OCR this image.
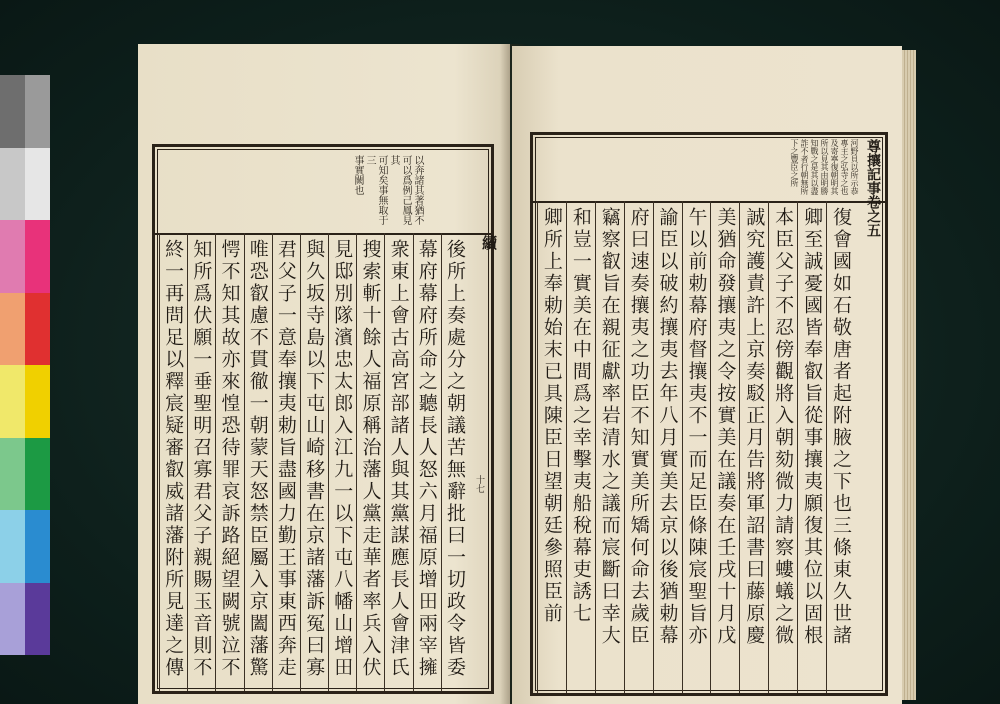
以奔諸其著猶不
可以爲例己鳳見其
可知矣事無取于三
事實闕也
續
十七
後所上奏處分之朝議苦無辭批曰一切政令皆委
幕府幕府所命之聽長人怒六月福原增田兩宰擁
衆東上會古高宮部諸人與其黨謀應長人會津氏
搜索斬十餘人福原稱治藩人黨走華者率兵入伏
見邸別隊濱忠太郎入江九一以下屯八幡山增田
與久坂寺島以下屯山崎移書在京諸藩訴冤曰寡
君父子一意奉攘夷勅旨盡國力勤王事東西奔走
唯恐叡慮不貫徹一朝蒙天怒禁臣屬入京闔藩驚
愕不知其故亦來惶恐待罪哀訴路絕望闕號泣不
知所爲伏願一垂聖明召寡君父子親賜玉音則不
終一再問足以釋宸疑審叡威諸藩附所見達之傳
河野貝以所示恭
專主之弘寺之也
及寄寧復朝明其
所以見其由明勝
知戰之是其以盡
詐不者行朝無所
下之豐臣之所	尊攘記事卷之五
復會國如石敬唐者起附腋之下也三條東久世諸
卿至誠憂國皆奉叡旨從事攘夷願復其位以固根
本臣父子不忍傍觀將入朝劾微力請察螻蟻之微
誠究護責許上京奏駁正月告將軍詔書曰藤原慶
美猶命發攘夷之令按實美在議奏在壬戌十月戊
午以前勅幕府督攘夷不一而足臣條陳宸聖旨亦
諭臣以破約攘夷去年八月實美去京以後猶勅幕
府曰速奏攘夷之功臣不知實美所矯何命去歲臣
竊察叡旨在親征獻率岩清水之議而宸斷曰幸大
和豈一實美在中間爲之幸擊夷船稅幕吏誘七
卿所上奉勅始末已具陳臣日望朝廷參照臣前
